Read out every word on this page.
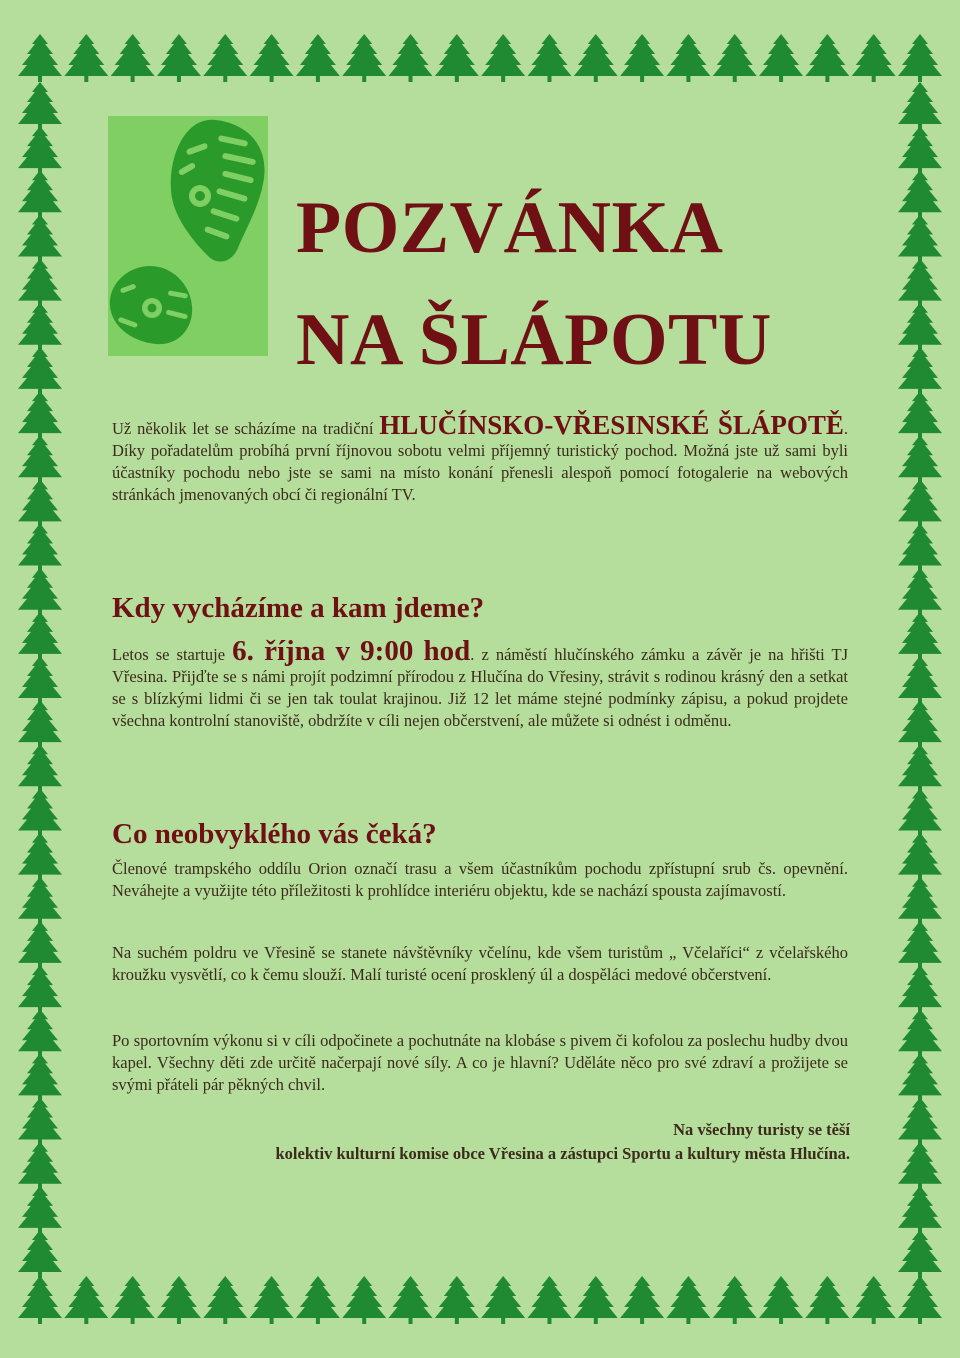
POZVÁNKA
NA ŠLÁPOTU

Už několik let se scházíme na tradiční HLUČÍNSKO-VŘESINSKÉ ŠLÁPOTĚ. Díky pořadatelům probíhá první říjnovou sobotu velmi příjemný turistický pochod. Možná jste už sami byli účastníky pochodu nebo jste se sami na místo konání přenesli alespoň pomocí fotogalerie na webových stránkách jmenovaných obcí či regionální TV.

Kdy vycházíme a kam jdeme?

Letos se startuje 6. října v 9:00 hod. z náměstí hlučínského zámku a závěr je na hřišti TJ Vřesina. Přijďte se s námi projít podzimní přírodou z Hlučína do Vřesiny, strávit s rodinou krásný den a setkat se s blízkými lidmi či se jen tak toulat krajinou. Již 12 let máme stejné podmínky zápisu, a pokud projdete všechna kontrolní stanoviště, obdržíte v cíli nejen občerstvení, ale můžete si odnést i odměnu.

Co neobvyklého vás čeká?

Členové trampského oddílu Orion označí trasu a všem účastníkům pochodu zpřístupní srub čs. opevnění. Neváhejte a využijte této příležitosti k prohlídce interiéru objektu, kde se nachází spousta zajímavostí.

Na suchém poldru ve Vřesině se stanete návštěvníky včelínu, kde všem turistům „ Včelaříci“ z včelařského kroužku vysvětlí, co k čemu slouží. Malí turisté ocení prosklený úl a dospěláci medové občerstvení.

Po sportovním výkonu si v cíli odpočinete a pochutnáte na klobáse s pivem či kofolou za poslechu hudby dvou kapel. Všechny děti zde určitě načerpají nové síly. A co je hlavní? Uděláte něco pro své zdraví a prožijete se svými přáteli pár pěkných chvil.

Na všechny turisty se těší
kolektiv kulturní komise obce Vřesina a zástupci Sportu a kultury města Hlučína.
